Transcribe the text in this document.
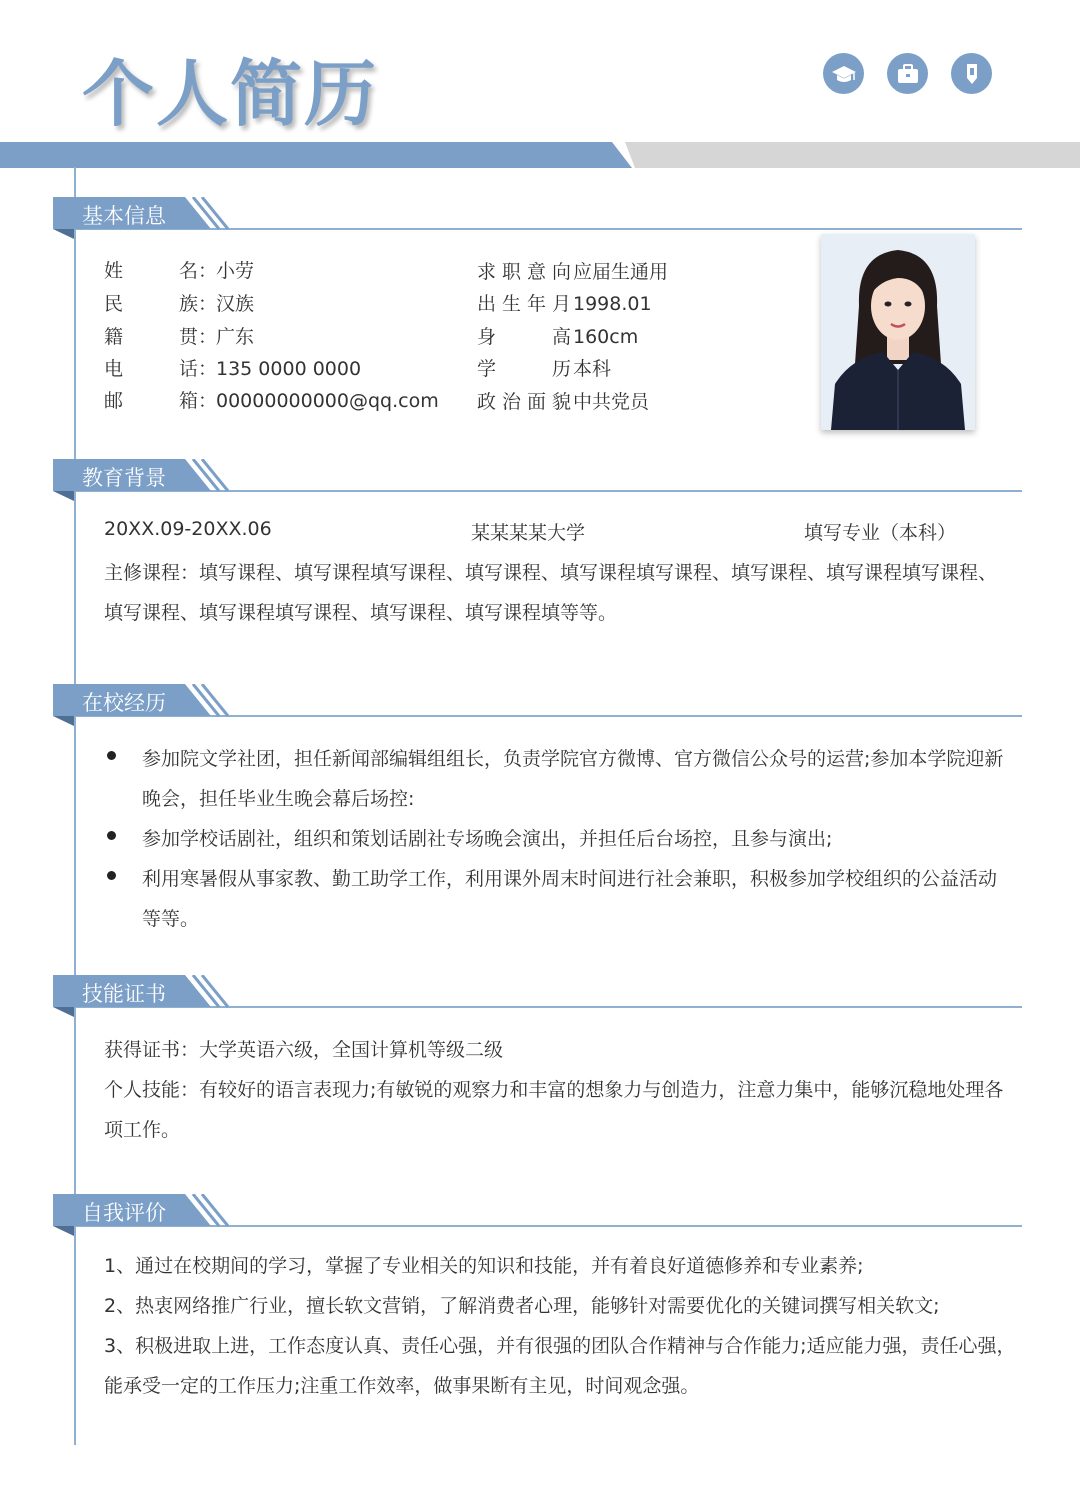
个人简历
基本信息
姓名：小劳
民族：汉族
籍贯：广东
电话：135 0000 0000
邮箱：00000000000@qq.com
求职意向 应届生通用
出生年月 1998.01
身高 160cm
学历 本科
政治面貌 中共党员
教育背景
20XX.09-20XX.06	某某某某大学	填写专业（本科）
主修课程：填写课程、填写课程填写课程、填写课程、填写课程填写课程、填写课程、填写课程填写课程、
填写课程、填写课程填写课程、填写课程、填写课程填等等。
在校经历
参加院文学社团，担任新闻部编辑组组长，负责学院官方微博、官方微信公众号的运营;参加本学院迎新
晚会，担任毕业生晚会幕后场控:
参加学校话剧社，组织和策划话剧社专场晚会演出，并担任后台场控，且参与演出;
利用寒暑假从事家教、勤工助学工作，利用课外周末时间进行社会兼职，积极参加学校组织的公益活动
等等。
技能证书
获得证书：大学英语六级，全国计算机等级二级
个人技能：有较好的语言表现力;有敏锐的观察力和丰富的想象力与创造力，注意力集中，能够沉稳地处理各
项工作。
自我评价
1、通过在校期间的学习，掌握了专业相关的知识和技能，并有着良好道德修养和专业素养;
2、热衷网络推广行业，擅长软文营销，了解消费者心理，能够针对需要优化的关键词撰写相关软文;
3、积极进取上进，工作态度认真、责任心强，并有很强的团队合作精神与合作能力;适应能力强，责任心强，
能承受一定的工作压力;注重工作效率，做事果断有主见，时间观念强。
